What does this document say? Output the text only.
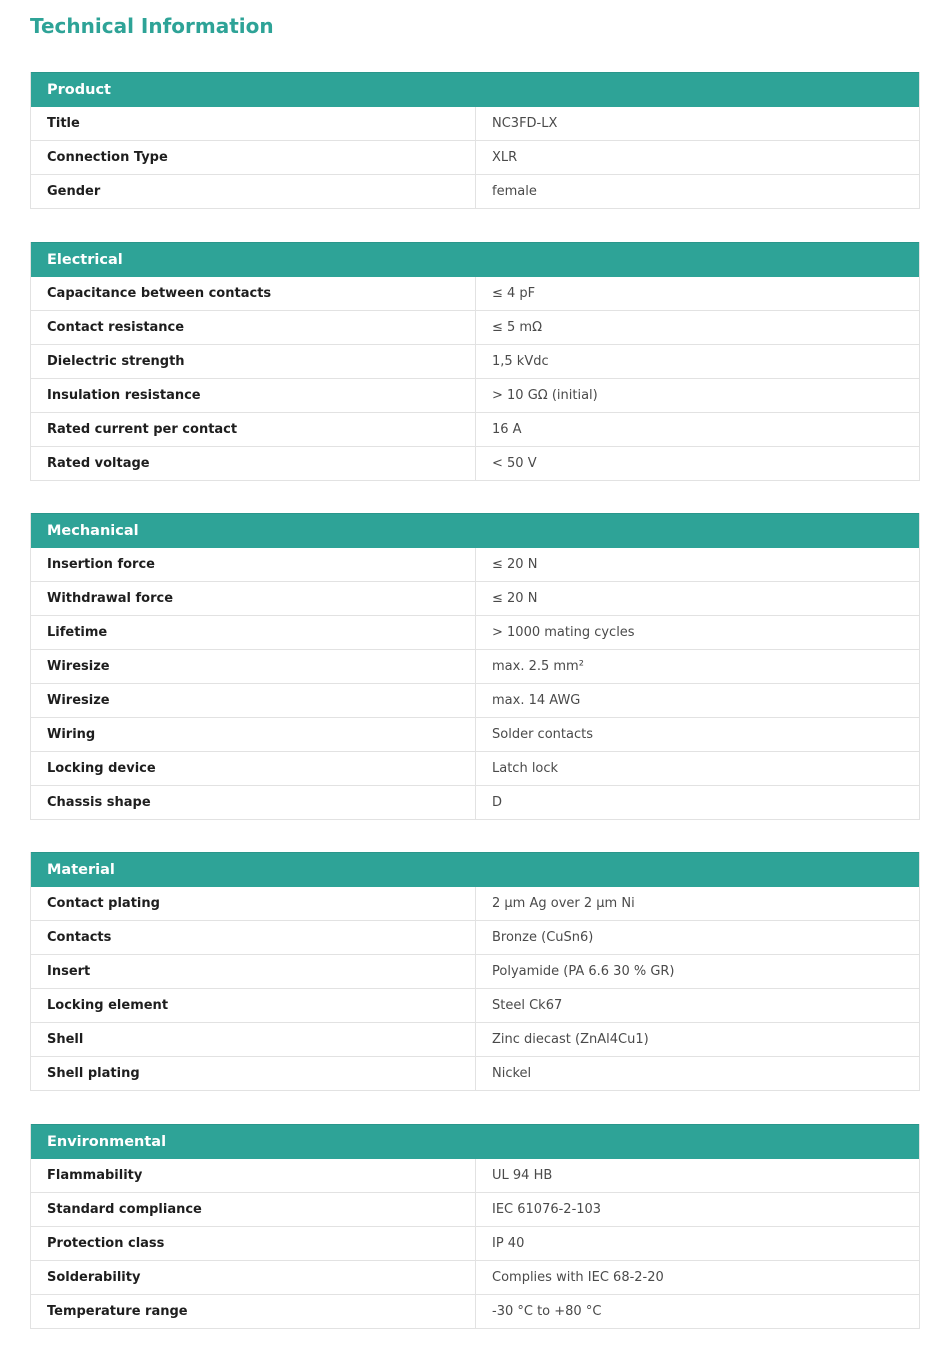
Technical Information
Product
Title	NC3FD-LX
Connection Type	XLR
Gender	female
Electrical
Capacitance between contacts	≤ 4 pF
Contact resistance	≤ 5 mΩ
Dielectric strength	1,5 kVdc
Insulation resistance	> 10 GΩ (initial)
Rated current per contact	16 A
Rated voltage	< 50 V
Mechanical
Insertion force	≤ 20 N
Withdrawal force	≤ 20 N
Lifetime	> 1000 mating cycles
Wiresize	max. 2.5 mm²
Wiresize	max. 14 AWG
Wiring	Solder contacts
Locking device	Latch lock
Chassis shape	D
Material
Contact plating	2 µm Ag over 2 µm Ni
Contacts	Bronze (CuSn6)
Insert	Polyamide (PA 6.6 30 % GR)
Locking element	Steel Ck67
Shell	Zinc diecast (ZnAl4Cu1)
Shell plating	Nickel
Environmental
Flammability	UL 94 HB
Standard compliance	IEC 61076-2-103
Protection class	IP 40
Solderability	Complies with IEC 68-2-20
Temperature range	-30 °C to +80 °C
